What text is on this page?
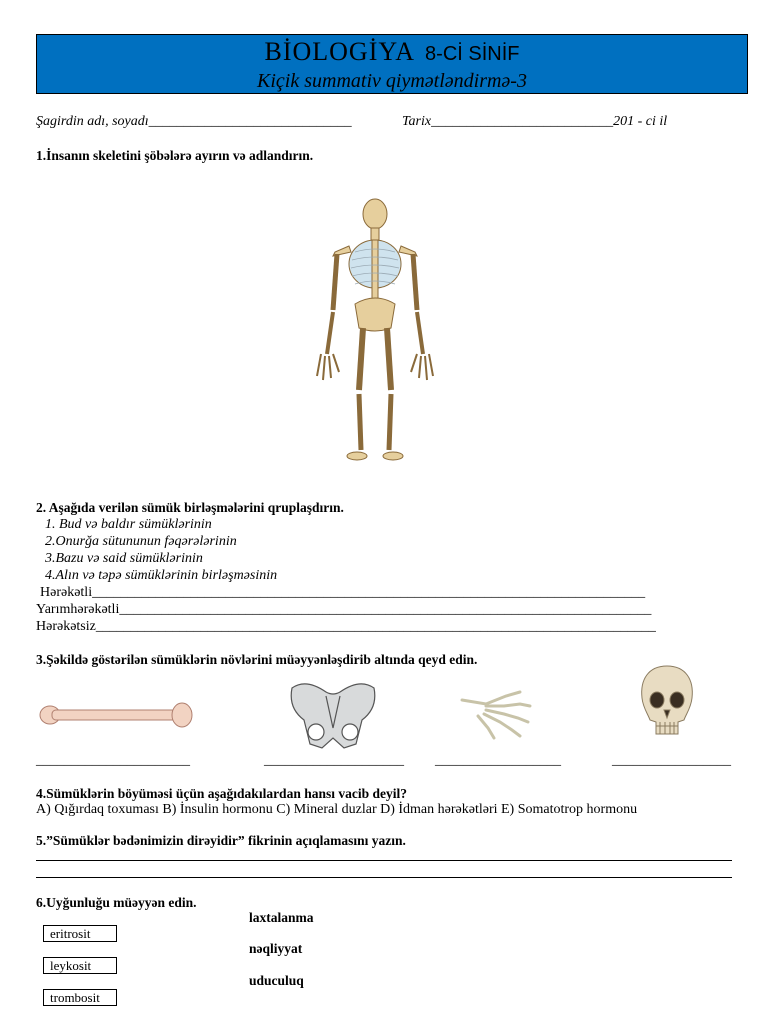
BİOLOGİYA 8-Cİ SİNİF
Kiçik summativ qiymətləndirmə-3
Şagirdin adı, soyadı_____________________________	Tarix__________________________201 - ci il
1.İnsanın skeletini şöbələrə ayırın və adlandırın.
2. Aşağıda verilən sümük birləşmələrini qruplaşdırın.
1. Bud və baldır sümüklərinin
2.Onurğa sütununun fəqərələrinin
3.Bazu və said sümüklərinin
4.Alın və təpə sümüklərinin birləşməsinin
Hərəkətli_______________________________________________________________________________
Yarımhərəkətli____________________________________________________________________________
Hərəkətsiz________________________________________________________________________________
3.Şəkildə göstərilən sümüklərin növlərini müəyyənləşdirib altında qeyd edin.
______________________	____________________ __________________	_________________
4.Sümüklərin böyüməsi üçün aşağıdakılardan hansı vacib deyil?
A) Qığırdaq toxuması B) İnsulin hormonu C) Mineral duzlar D) İdman hərəkətləri E) Somatotrop hormonu
5.”Sümüklər bədənimizin dirəyidir” fikrinin açıqlamasını yazın.
6.Uyğunluğu müəyyən edin.
eritrosit
leykosit
trombosit
laxtalanma
nəqliyyat
uduculuq
